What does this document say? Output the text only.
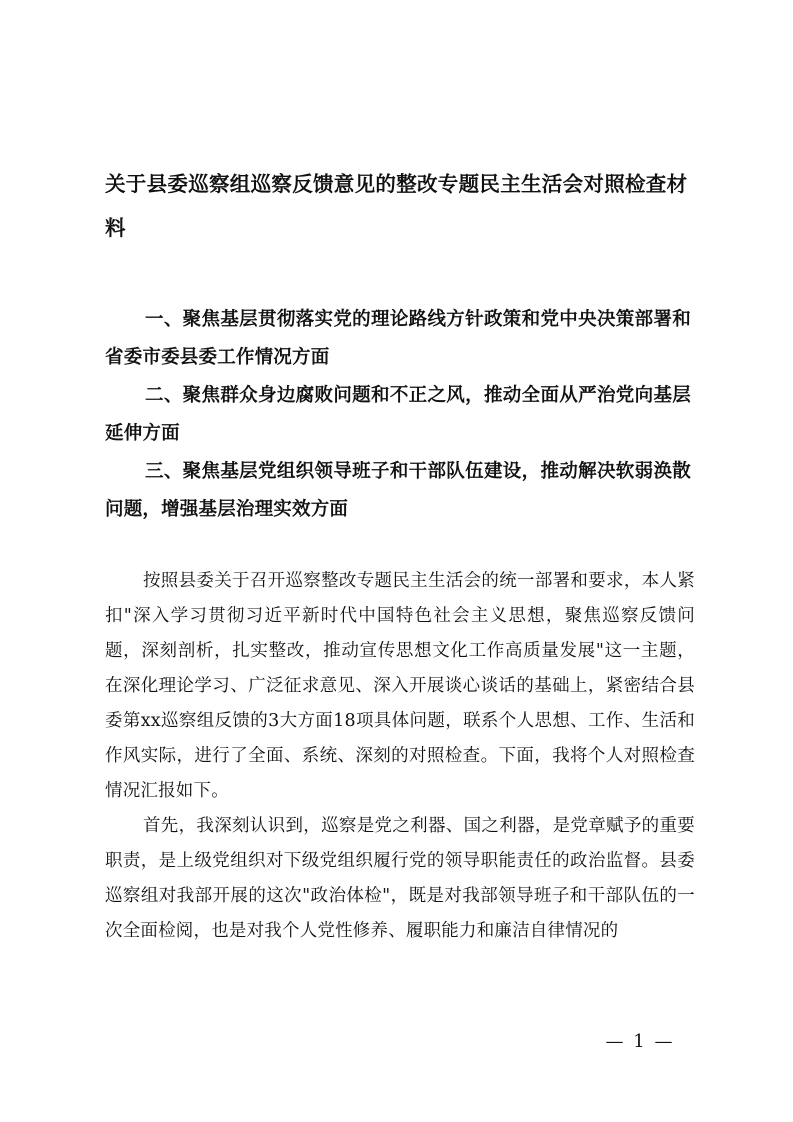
关于县委巡察组巡察反馈意见的整改专题民主生活会对照检查材料
一、聚焦基层贯彻落实党的理论路线方针政策和党中央决策部署和省委市委县委工作情况方面
二、聚焦群众身边腐败问题和不正之风，推动全面从严治党向基层延伸方面
三、聚焦基层党组织领导班子和干部队伍建设，推动解决软弱涣散问题，增强基层治理实效方面

按照县委关于召开巡察整改专题民主生活会的统一部署和要求，本人紧扣"深入学习贯彻习近平新时代中国特色社会主义思想，聚焦巡察反馈问题，深刻剖析，扎实整改，推动宣传思想文化工作高质量发展"这一主题，在深化理论学习、广泛征求意见、深入开展谈心谈话的基础上，紧密结合县委第xx巡察组反馈的3大方面18项具体问题，联系个人思想、工作、生活和作风实际，进行了全面、系统、深刻的对照检查。下面，我将个人对照检查情况汇报如下。

首先，我深刻认识到，巡察是党之利器、国之利器，是党章赋予的重要职责，是上级党组织对下级党组织履行党的领导职能责任的政治监督。县委巡察组对我部开展的这次"政治体检"，既是对我部领导班子和干部队伍的一次全面检阅，也是对我个人党性修养、履职能力和廉洁自律情况的

— 1 —
